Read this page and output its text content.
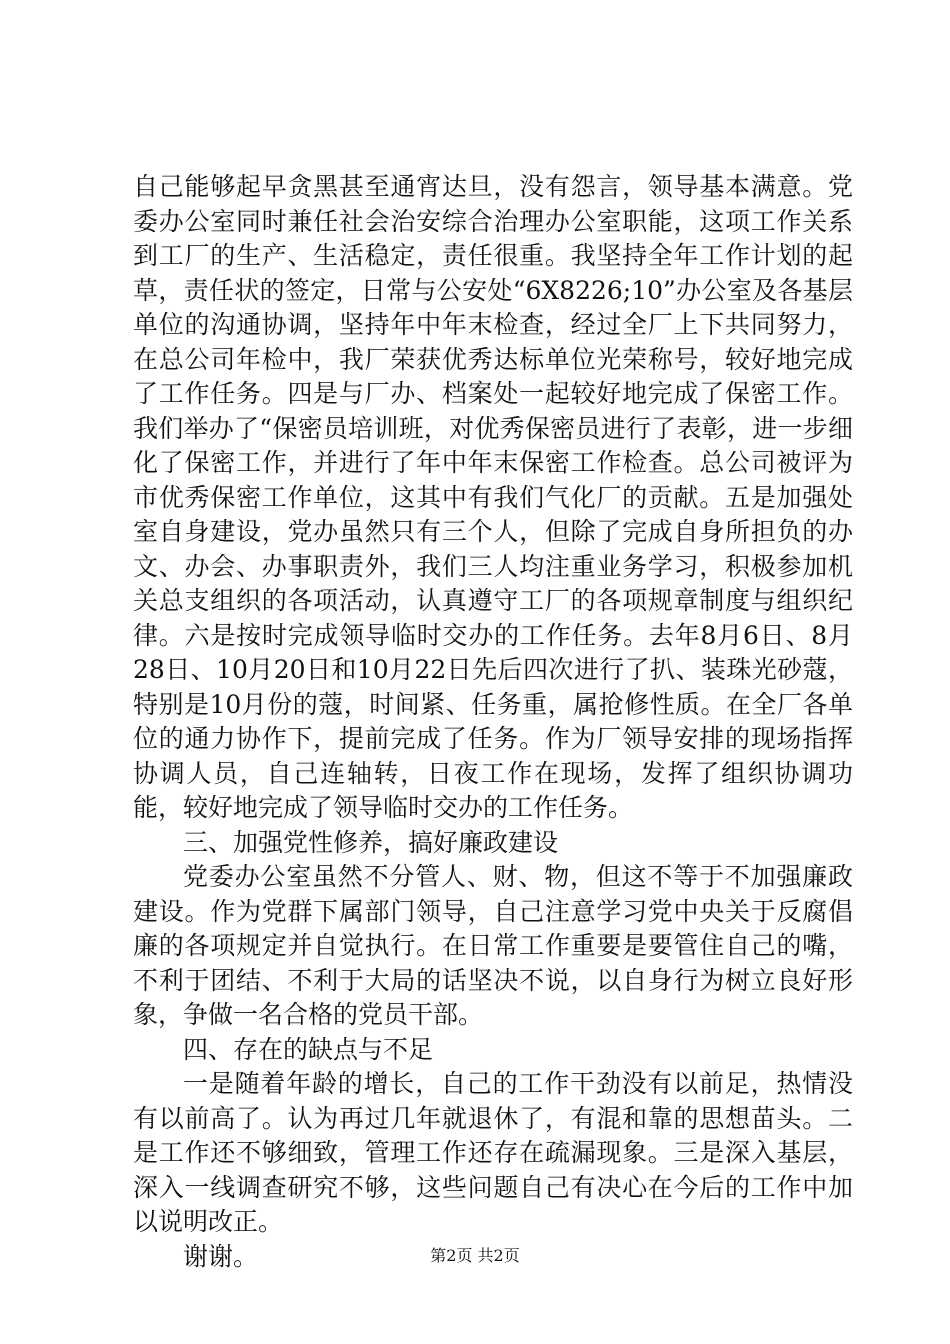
自己能够起早贪黑甚至通宵达旦，没有怨言，领导基本满意。党委办公室同时兼任社会治安综合治理办公室职能，这项工作关系到工厂的生产、生活稳定，责任很重。我坚持全年工作计划的起草，责任状的签定，日常与公安处“6X8226;10”办公室及各基层单位的沟通协调，坚持年中年末检查，经过全厂上下共同努力，在总公司年检中，我厂荣获优秀达标单位光荣称号，较好地完成了工作任务。四是与厂办、档案处一起较好地完成了保密工作。我们举办了“保密员培训班，对优秀保密员进行了表彰，进一步细化了保密工作，并进行了年中年末保密工作检查。总公司被评为市优秀保密工作单位，这其中有我们气化厂的贡献。五是加强处室自身建设，党办虽然只有三个人，但除了完成自身所担负的办文、办会、办事职责外，我们三人均注重业务学习，积极参加机关总支组织的各项活动，认真遵守工厂的各项规章制度与组织纪律。六是按时完成领导临时交办的工作任务。去年8月6日、8月28日、10月20日和10月22日先后四次进行了扒、装珠光砂蔻，特别是10月份的蔻，时间紧、任务重，属抢修性质。在全厂各单位的通力协作下，提前完成了任务。作为厂领导安排的现场指挥协调人员，自己连轴转，日夜工作在现场，发挥了组织协调功能，较好地完成了领导临时交办的工作任务。

三、加强党性修养，搞好廉政建设

党委办公室虽然不分管人、财、物，但这不等于不加强廉政建设。作为党群下属部门领导，自己注意学习党中央关于反腐倡廉的各项规定并自觉执行。在日常工作重要是要管住自己的嘴，不利于团结、不利于大局的话坚决不说，以自身行为树立良好形象，争做一名合格的党员干部。

四、存在的缺点与不足

一是随着年龄的增长，自己的工作干劲没有以前足，热情没有以前高了。认为再过几年就退休了，有混和靠的思想苗头。二是工作还不够细致，管理工作还存在疏漏现象。三是深入基层，深入一线调查研究不够，这些问题自己有决心在今后的工作中加以说明改正。

谢谢。	第2页 共2页
